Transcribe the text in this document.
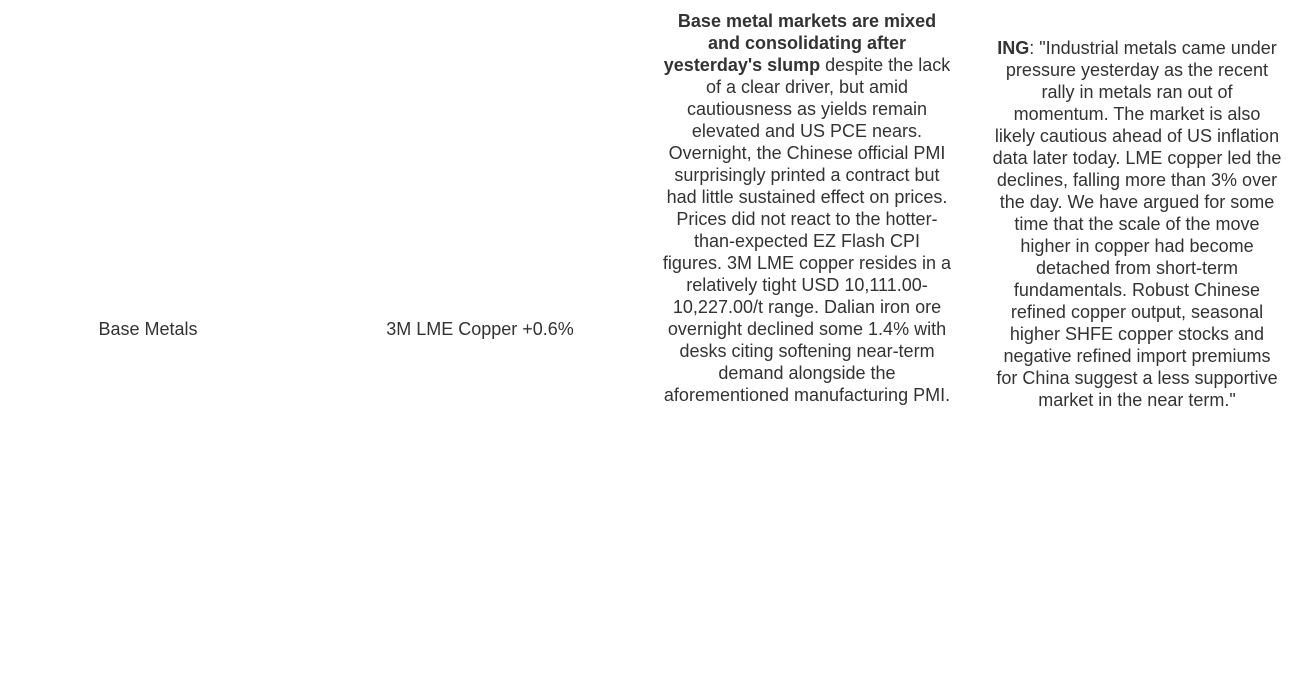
Base Metals	3M LME Copper +0.6%
Base metal markets are mixed and consolidating after yesterday's slump despite the lack of a clear driver, but amid cautiousness as yields remain elevated and US PCE nears. Overnight, the Chinese official PMI surprisingly printed a contract but had little sustained effect on prices. Prices did not react to the hotter-than-expected EZ Flash CPI figures. 3M LME copper resides in a relatively tight USD 10,111.00-10,227.00/t range. Dalian iron ore overnight declined some 1.4% with desks citing softening near-term demand alongside the aforementioned manufacturing PMI.
ING: "Industrial metals came under pressure yesterday as the recent rally in metals ran out of momentum. The market is also likely cautious ahead of US inflation data later today. LME copper led the declines, falling more than 3% over the day. We have argued for some time that the scale of the move higher in copper had become detached from short-term fundamentals. Robust Chinese refined copper output, seasonal higher SHFE copper stocks and negative refined import premiums for China suggest a less supportive market in the near term."
